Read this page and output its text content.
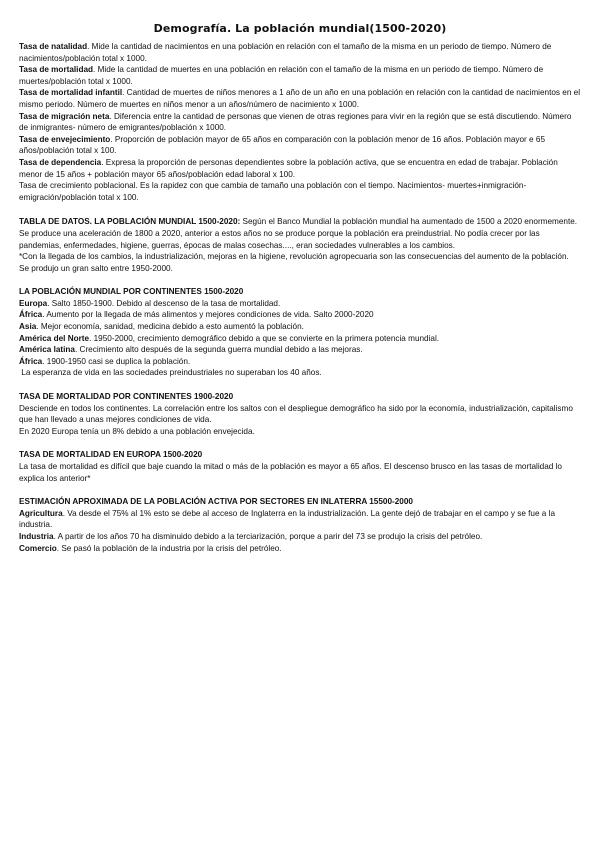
Demografía. La población mundial(1500-2020)

Tasa de natalidad. Mide la cantidad de nacimientos en una población en relación con el tamaño de la misma en un periodo de tiempo. Número de nacimientos/población total x 1000.

Tasa de mortalidad. Mide la cantidad de muertes en una población en relación con el tamaño de la misma en un periodo de tiempo. Número de muertes/población total x 1000.

Tasa de mortalidad infantil. Cantidad de muertes de niños menores a 1 año de un año en una población en relación con la cantidad de nacimientos en el mismo periodo. Número de muertes en niños menor a un años/número de nacimiento x 1000.

Tasa de migración neta. Diferencia entre la cantidad de personas que vienen de otras regiones para vivir en la región que se está discutiendo. Número de inmigrantes- número de emigrantes/población x 1000.

Tasa de envejecimiento. Proporción de población mayor de 65 años en comparación con la población menor de 16 años. Población mayor e 65 años/población total x 100.

Tasa de dependencia. Expresa la proporción de personas dependientes sobre la población activa, que se encuentra en edad de trabajar. Población menor de 15 años + población mayor 65 años/población edad laboral x 100.

Tasa de crecimiento poblacional. Es la rapidez con que cambia de tamaño una población con el tiempo. Nacimientos- muertes+inmigración-emigración/población total x 100.

TABLA DE DATOS. LA POBLACIÓN MUNDIAL 1500-2020: Según el Banco Mundial la población mundial ha aumentado de 1500 a 2020 enormemente. Se produce una aceleración de 1800 a 2020, anterior a estos años no se produce porque la población era preindustrial. No podía crecer por las pandemias, enfermedades, higiene, guerras, épocas de malas cosechas...., eran sociedades vulnerables a los cambios.

*Con la llegada de los cambios, la industrialización, mejoras en la higiene, revolución agropecuaria son las consecuencias del aumento de la población. Se produjo un gran salto entre 1950-2000.

LA POBLACIÓN MUNDIAL POR CONTINENTES 1500-2020

Europa. Salto 1850-1900. Debido al descenso de la tasa de mortalidad.

África. Aumento por la llegada de más alimentos y mejores condiciones de vida. Salto 2000-2020

Asia. Mejor economía, sanidad, medicina debido a esto aumentó la población.

América del Norte. 1950-2000, crecimiento demográfico debido a que se convierte en la primera potencia mundial.

América latina. Crecimiento alto después de la segunda guerra mundial debido a las mejoras.

África. 1900-1950 casi se duplica la población.

La esperanza de vida en las sociedades preindustriales no superaban los 40 años.

TASA DE MORTALIDAD POR CONTINENTES 1900-2020

Desciende en todos los continentes. La correlación entre los saltos con el despliegue demográfico ha sido por la economía, industrialización, capitalismo que han llevado a unas mejores condiciones de vida.

En 2020 Europa tenía un 8% debido a una población envejecida.

TASA DE MORTALIDAD EN EUROPA 1500-2020

La tasa de mortalidad es difícil que baje cuando la mitad o más de la población es mayor a 65 años. El descenso brusco en las tasas de mortalidad lo explica los anterior*

ESTIMACIÓN APROXIMADA DE LA POBLACIÓN ACTIVA POR SECTORES EN INLATERRA 15500-2000

Agricultura. Va desde el 75% al 1% esto se debe al acceso de Inglaterra en la industrialización. La gente dejó de trabajar en el campo y se fue a la industria.

Industria. A partir de los años 70 ha disminuido debido a la terciarización, porque a parir del 73 se produjo la crisis del petróleo.

Comercio. Se pasó la población de la industria por la crisis del petróleo.
